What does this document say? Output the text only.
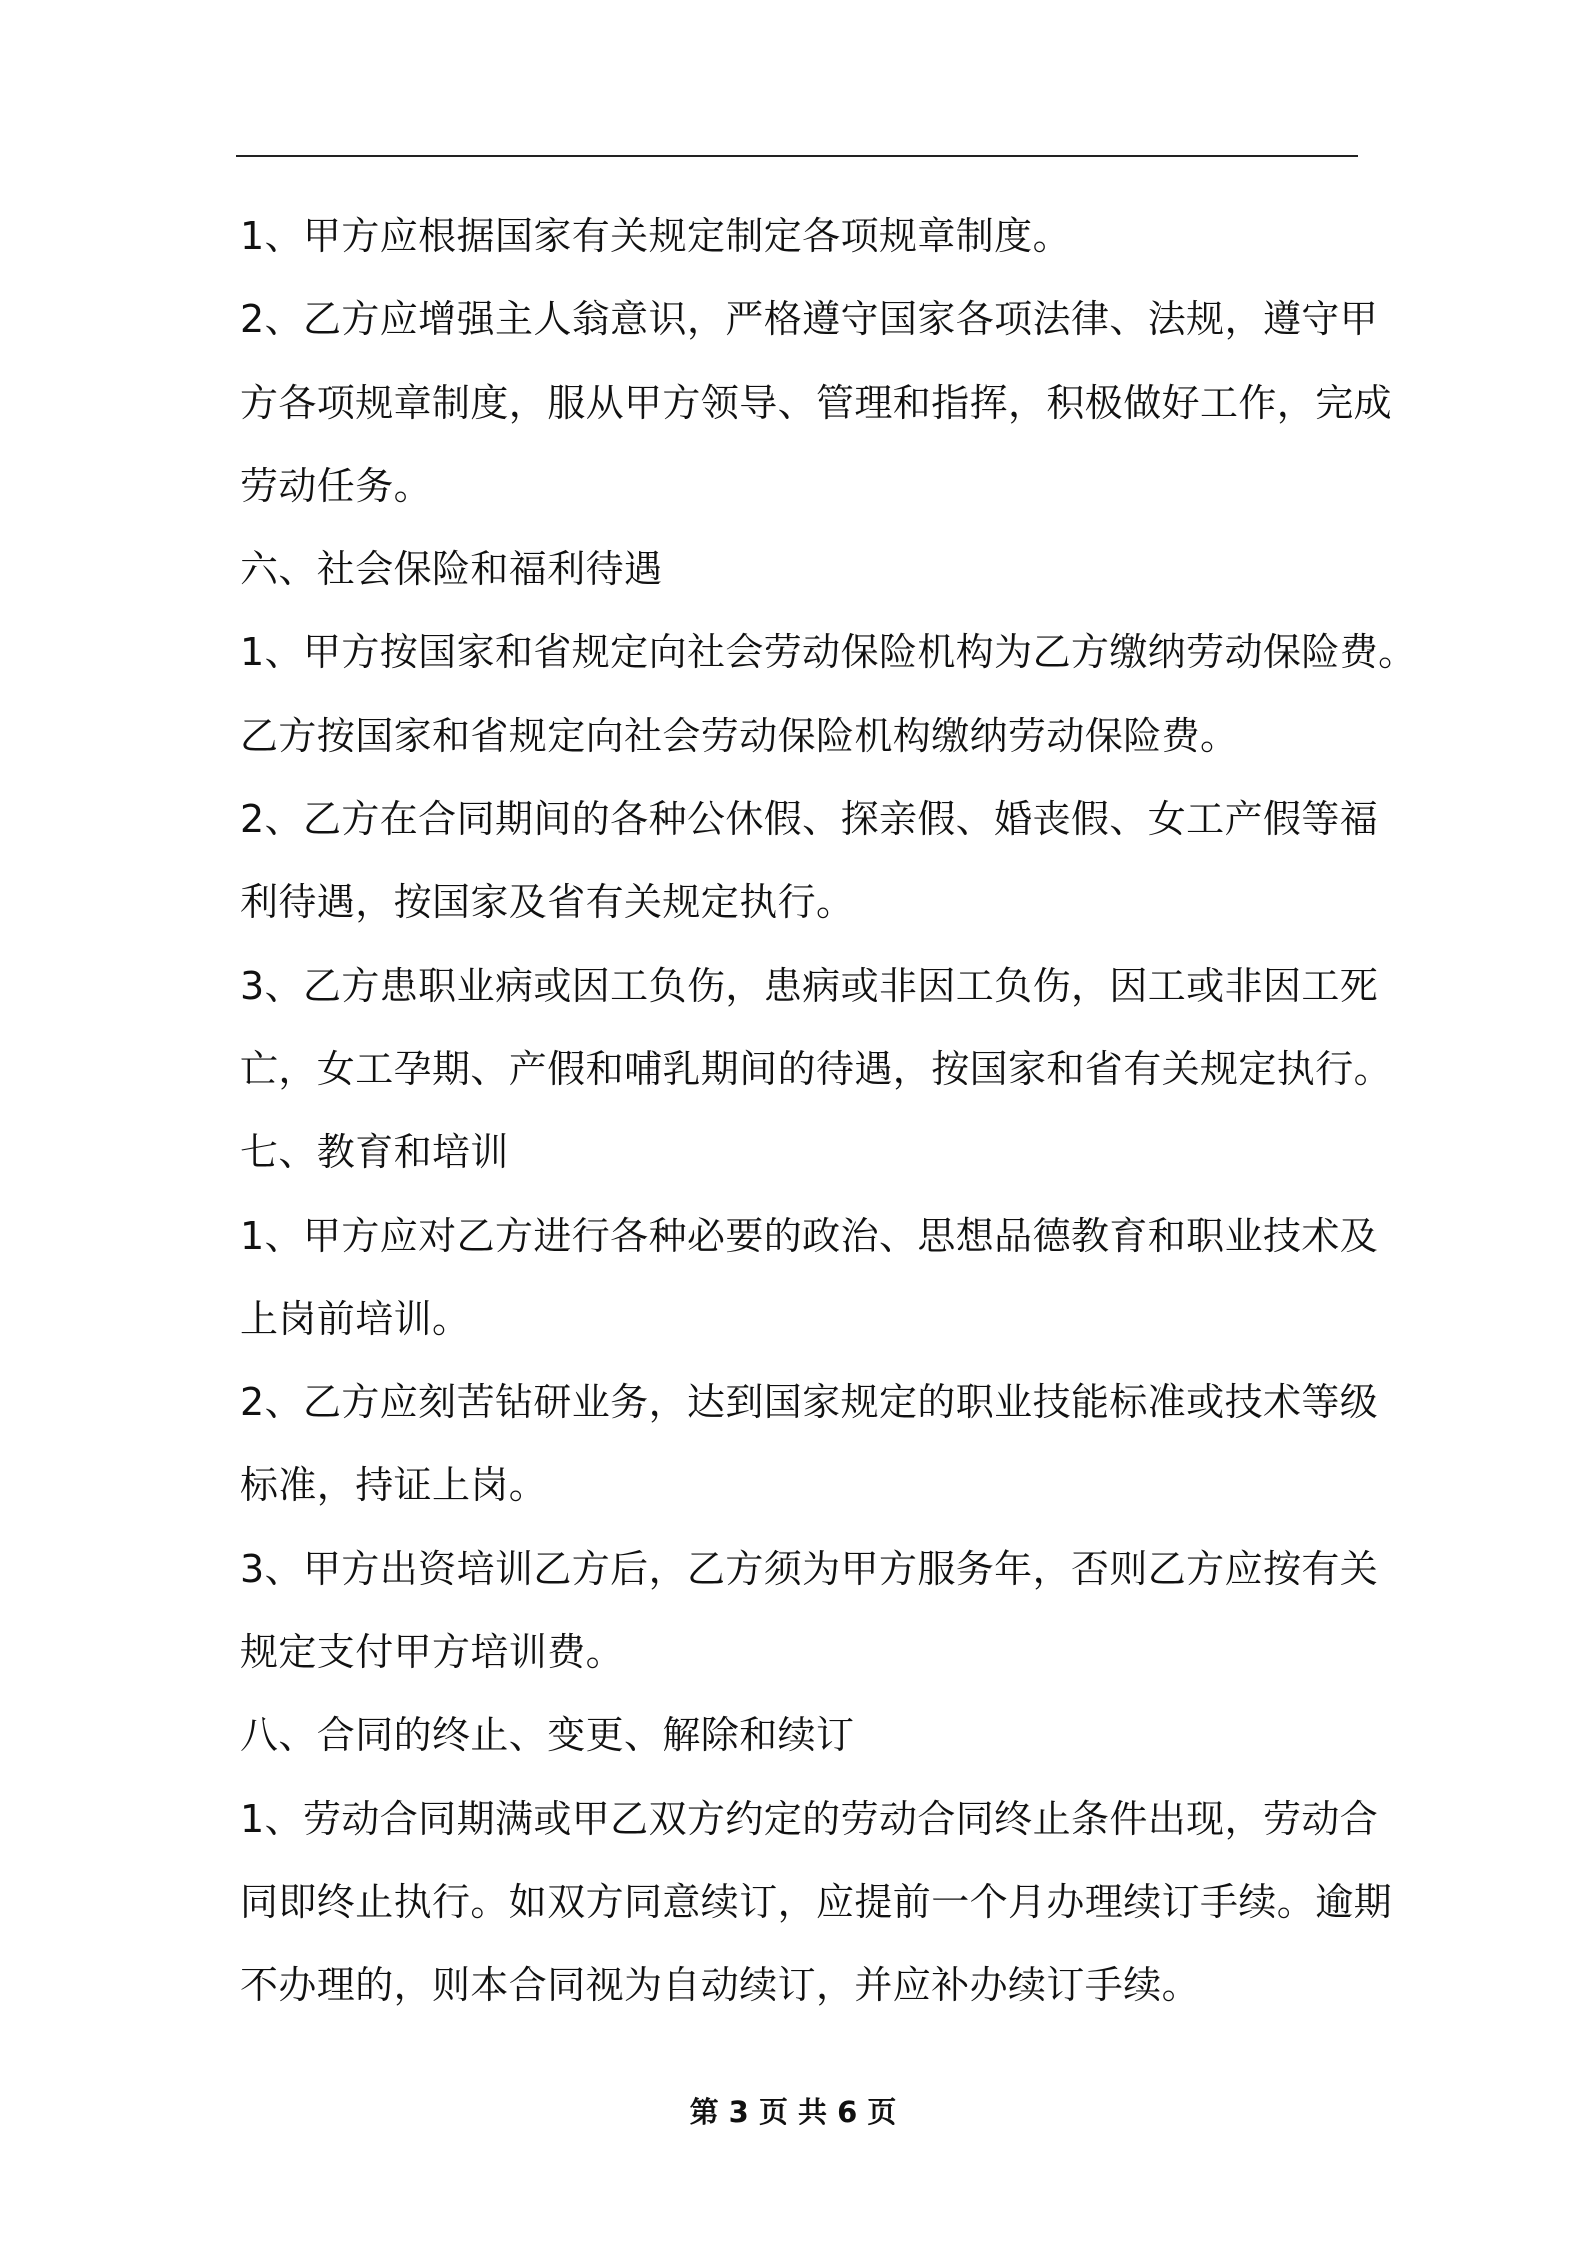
1、甲方应根据国家有关规定制定各项规章制度。
2、乙方应增强主人翁意识，严格遵守国家各项法律、法规，遵守甲
方各项规章制度，服从甲方领导、管理和指挥，积极做好工作，完成
劳动任务。
六、社会保险和福利待遇
1、甲方按国家和省规定向社会劳动保险机构为乙方缴纳劳动保险费。
乙方按国家和省规定向社会劳动保险机构缴纳劳动保险费。
2、乙方在合同期间的各种公休假、探亲假、婚丧假、女工产假等福
利待遇，按国家及省有关规定执行。
3、乙方患职业病或因工负伤，患病或非因工负伤，因工或非因工死
亡，女工孕期、产假和哺乳期间的待遇，按国家和省有关规定执行。
七、教育和培训
1、甲方应对乙方进行各种必要的政治、思想品德教育和职业技术及
上岗前培训。
2、乙方应刻苦钻研业务，达到国家规定的职业技能标准或技术等级
标准，持证上岗。
3、甲方出资培训乙方后，乙方须为甲方服务年，否则乙方应按有关
规定支付甲方培训费。
八、合同的终止、变更、解除和续订
1、劳动合同期满或甲乙双方约定的劳动合同终止条件出现，劳动合
同即终止执行。如双方同意续订，应提前一个月办理续订手续。逾期
不办理的，则本合同视为自动续订，并应补办续订手续。
第 3 页 共 6 页
